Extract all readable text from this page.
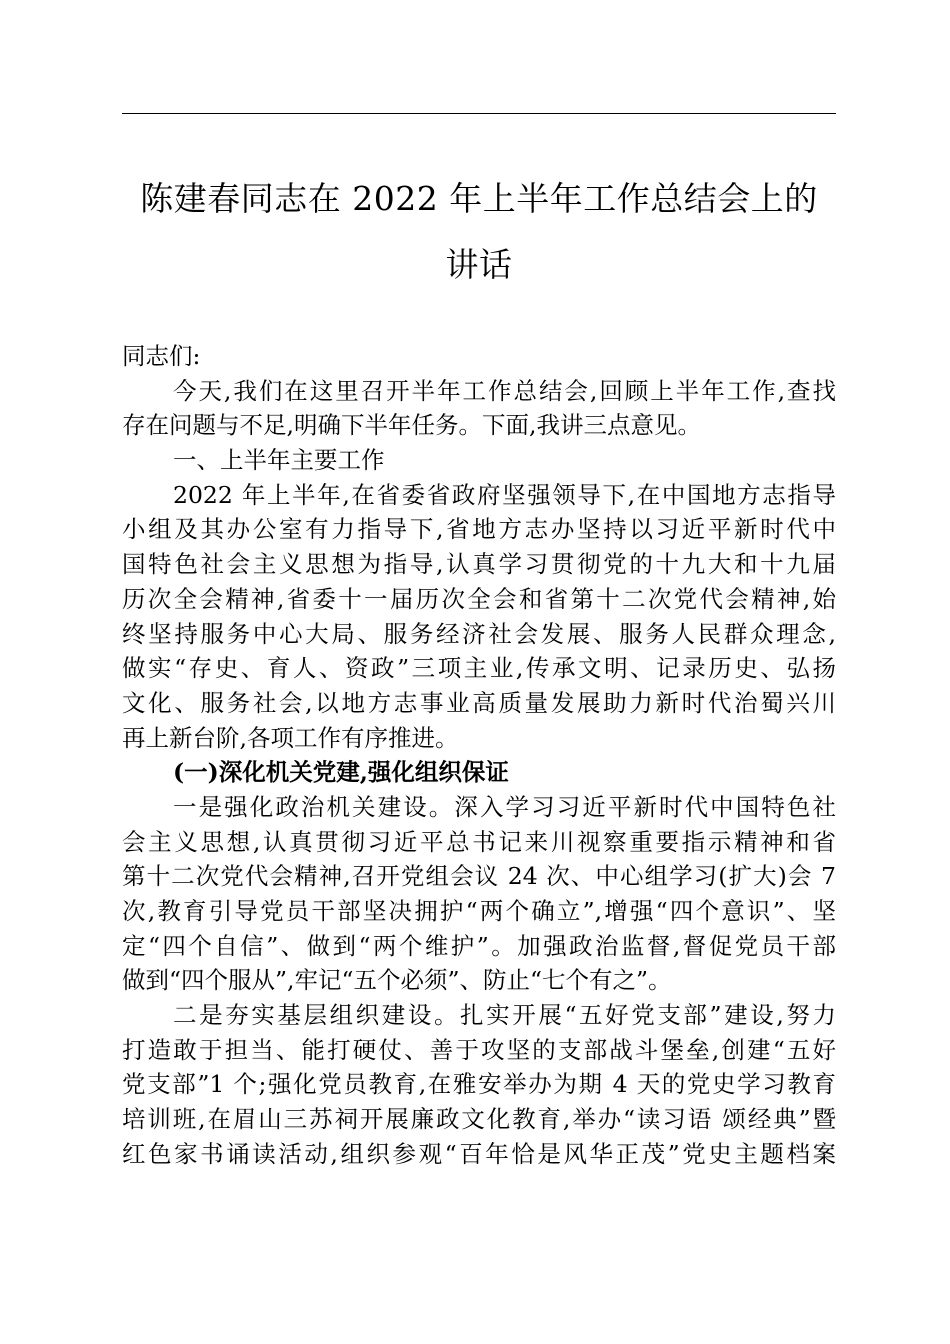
陈建春同志在 2022 年上半年工作总结会上的
讲话
同志们:
今天,我们在这里召开半年工作总结会,回顾上半年工作,查找
存在问题与不足,明确下半年任务。下面,我讲三点意见。
一、上半年主要工作
2022 年上半年,在省委省政府坚强领导下,在中国地方志指导
小组及其办公室有力指导下,省地方志办坚持以习近平新时代中
国特色社会主义思想为指导,认真学习贯彻党的十九大和十九届
历次全会精神,省委十一届历次全会和省第十二次党代会精神,始
终坚持服务中心大局、服务经济社会发展、服务人民群众理念,
做实“存史、育人、资政”三项主业,传承文明、记录历史、弘扬
文化、服务社会,以地方志事业高质量发展助力新时代治蜀兴川
再上新台阶,各项工作有序推进。
(一)深化机关党建,强化组织保证
一是强化政治机关建设。深入学习习近平新时代中国特色社
会主义思想,认真贯彻习近平总书记来川视察重要指示精神和省
第十二次党代会精神,召开党组会议 24 次、中心组学习(扩大)会 7
次,教育引导党员干部坚决拥护“两个确立”,增强“四个意识”、坚
定“四个自信”、做到“两个维护”。加强政治监督,督促党员干部
做到“四个服从”,牢记“五个必须”、防止“七个有之”。
二是夯实基层组织建设。扎实开展“五好党支部”建设,努力
打造敢于担当、能打硬仗、善于攻坚的支部战斗堡垒,创建“五好
党支部”1 个;强化党员教育,在雅安举办为期 4 天的党史学习教育
培训班,在眉山三苏祠开展廉政文化教育,举办“读习语 颂经典”暨
红色家书诵读活动,组织参观“百年恰是风华正茂”党史主题档案
